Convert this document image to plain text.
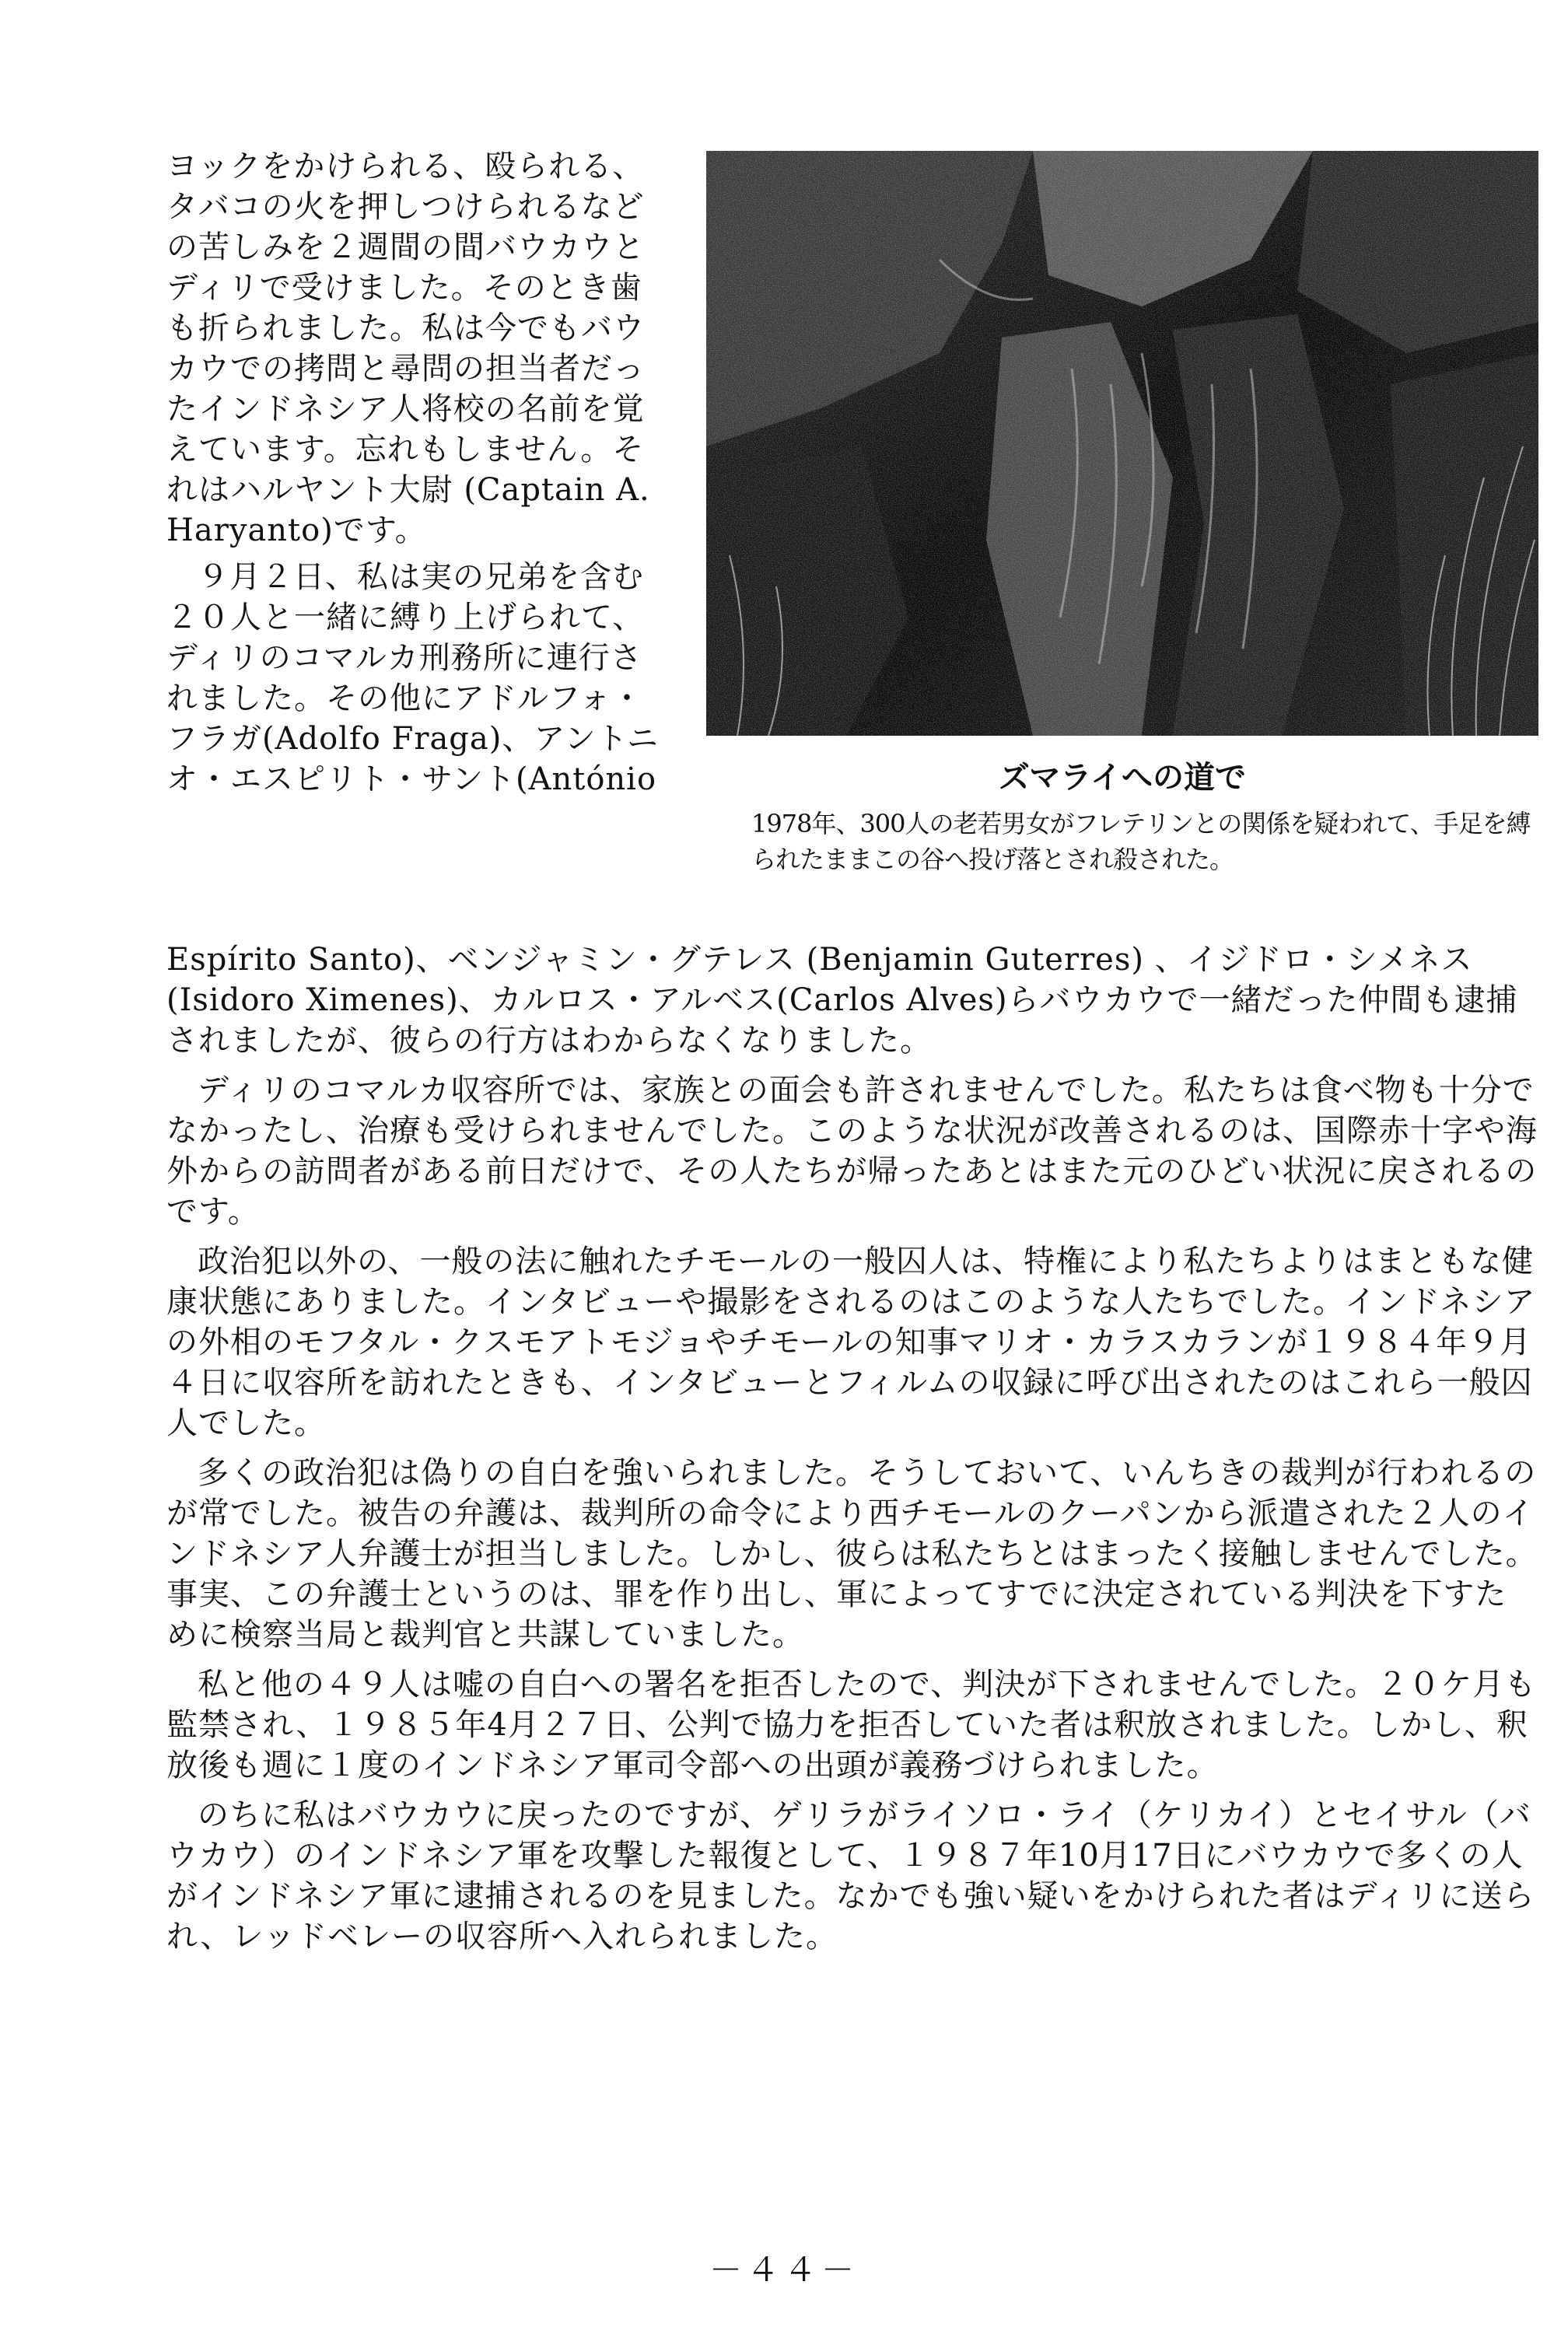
ヨックをかけられる、殴られる、
タバコの火を押しつけられるなど
の苦しみを２週間の間バウカウと
ディリで受けました。そのとき歯
も折られました。私は今でもバウ
カウでの拷問と尋問の担当者だっ
たインドネシア人将校の名前を覚
えています。忘れもしません。そ
れはハルヤント大尉 (Captain A.
Haryanto)です。

９月２日、私は実の兄弟を含む
２０人と一緒に縛り上げられて、
ディリのコマルカ刑務所に連行さ
れました。その他にアドルフォ・
フラガ(Adolfo Fraga)、アントニ
オ・エスピリト・サント(António	ズマライへの道で
1978年、300人の老若男女がフレテリンとの関係を疑われて、手足を縛られたままこの谷へ投げ落とされ殺された。

Espírito Santo)、ベンジャミン・グテレス (Benjamin Guterres) 、イジドロ・シメネス (Isidoro Ximenes)、カルロス・アルベス(Carlos Alves)らバウカウで一緒だった仲間も逮捕されましたが、彼らの行方はわからなくなりました。

ディリのコマルカ収容所では、家族との面会も許されませんでした。私たちは食べ物も十分でなかったし、治療も受けられませんでした。このような状況が改善されるのは、国際赤十字や海外からの訪問者がある前日だけで、その人たちが帰ったあとはまた元のひどい状況に戻されるのです。

政治犯以外の、一般の法に触れたチモールの一般囚人は、特権により私たちよりはまともな健康状態にありました。インタビューや撮影をされるのはこのような人たちでした。インドネシアの外相のモフタル・クスモアトモジョやチモールの知事マリオ・カラスカランが１９８４年９月４日に収容所を訪れたときも、インタビューとフィルムの収録に呼び出されたのはこれら一般囚人でした。

多くの政治犯は偽りの自白を強いられました。そうしておいて、いんちきの裁判が行われるのが常でした。被告の弁護は、裁判所の命令により西チモールのクーパンから派遣された２人のインドネシア人弁護士が担当しました。しかし、彼らは私たちとはまったく接触しませんでした。事実、この弁護士というのは、罪を作り出し、軍によってすでに決定されている判決を下すために検察当局と裁判官と共謀していました。

私と他の４９人は嘘の自白への署名を拒否したので、判決が下されませんでした。２０ケ月も監禁され、１９８５年4月２７日、公判で協力を拒否していた者は釈放されました。しかし、釈放後も週に１度のインドネシア軍司令部への出頭が義務づけられました。

のちに私はバウカウに戻ったのですが、ゲリラがライソロ・ライ（ケリカイ）とセイサル（バウカウ）のインドネシア軍を攻撃した報復として、１９８７年10月17日にバウカウで多くの人がインドネシア軍に逮捕されるのを見ました。なかでも強い疑いをかけられた者はディリに送られ、レッドベレーの収容所へ入れられました。

－４４－
